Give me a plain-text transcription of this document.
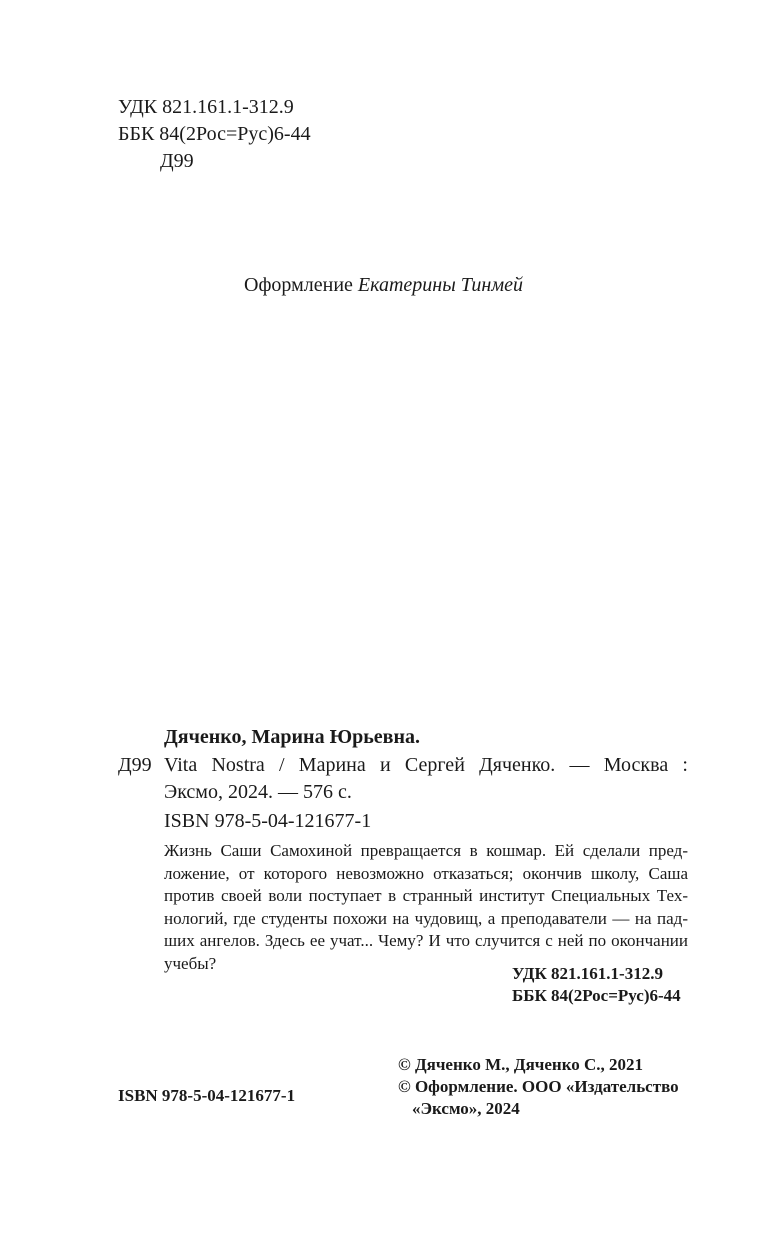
УДК 821.161.1-312.9
ББК 84(2Рос=Рус)6-44
Д99
Оформление Екатерины Тинмей
Дяченко, Марина Юрьевна.
Д99 Vita Nostra / Марина и Сергей Дяченко. — Москва :
Эксмо, 2024. — 576 с.
ISBN 978-5-04-121677-1
Жизнь Саши Самохиной превращается в кошмар. Ей сделали пред-
ложение, от которого невозможно отказаться; окончив школу, Саша
против своей воли поступает в странный институт Специальных Тех-
нологий, где студенты похожи на чудовищ, а преподаватели — на пад-
ших ангелов. Здесь ее учат... Чему? И что случится с ней по окончании
учебы?
УДК 821.161.1-312.9
ББК 84(2Рос=Рус)6-44
© Дяченко М., Дяченко С., 2021
© Оформление. ООО «Издательство
«Эксмо», 2024
ISBN 978-5-04-121677-1
